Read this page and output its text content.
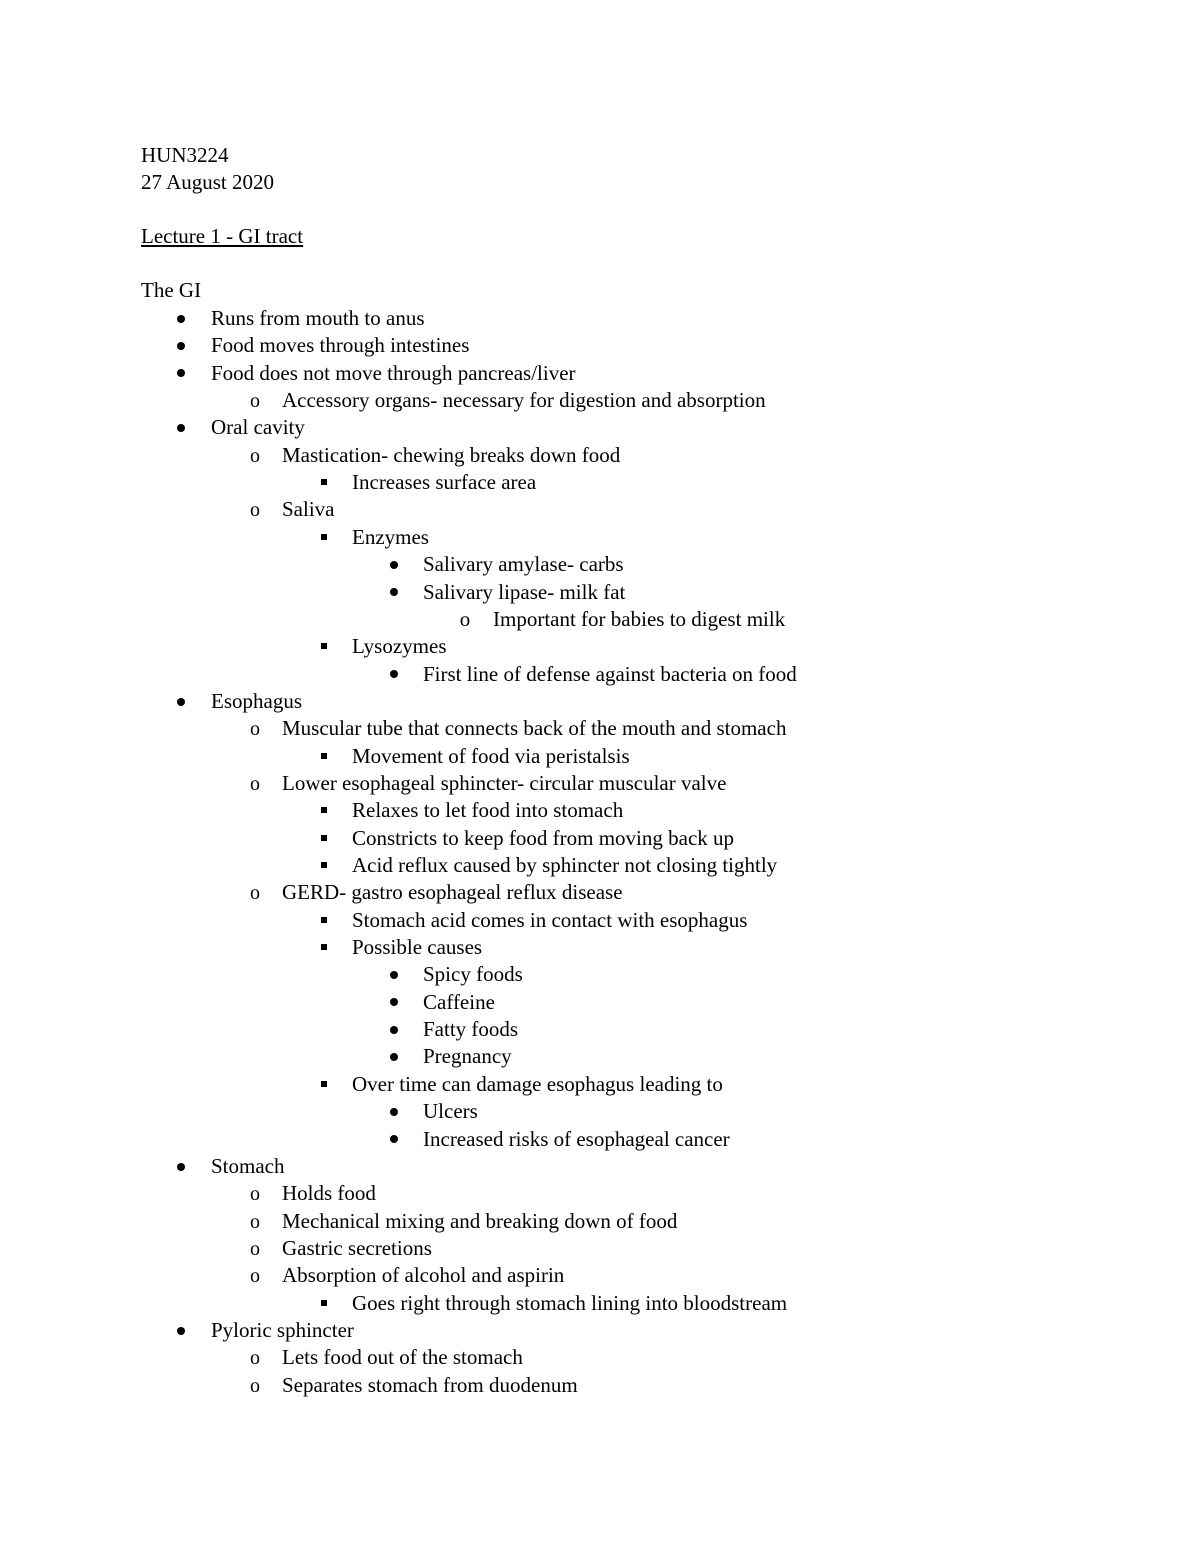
HUN3224
27 August 2020
Lecture 1 - GI tract
The GI
Runs from mouth to anus
Food moves through intestines
Food does not move through pancreas/liver
o Accessory organs- necessary for digestion and absorption
Oral cavity
o Mastication- chewing breaks down food
Increases surface area
o Saliva
Enzymes
Salivary amylase- carbs
Salivary lipase- milk fat
o Important for babies to digest milk
Lysozymes
First line of defense against bacteria on food
Esophagus
o Muscular tube that connects back of the mouth and stomach
Movement of food via peristalsis
o Lower esophageal sphincter- circular muscular valve
Relaxes to let food into stomach
Constricts to keep food from moving back up
Acid reflux caused by sphincter not closing tightly
o GERD- gastro esophageal reflux disease
Stomach acid comes in contact with esophagus
Possible causes
Spicy foods
Caffeine
Fatty foods
Pregnancy
Over time can damage esophagus leading to
Ulcers
Increased risks of esophageal cancer
Stomach
o Holds food
o Mechanical mixing and breaking down of food
o Gastric secretions
o Absorption of alcohol and aspirin
Goes right through stomach lining into bloodstream
Pyloric sphincter
o Lets food out of the stomach
o Separates stomach from duodenum
